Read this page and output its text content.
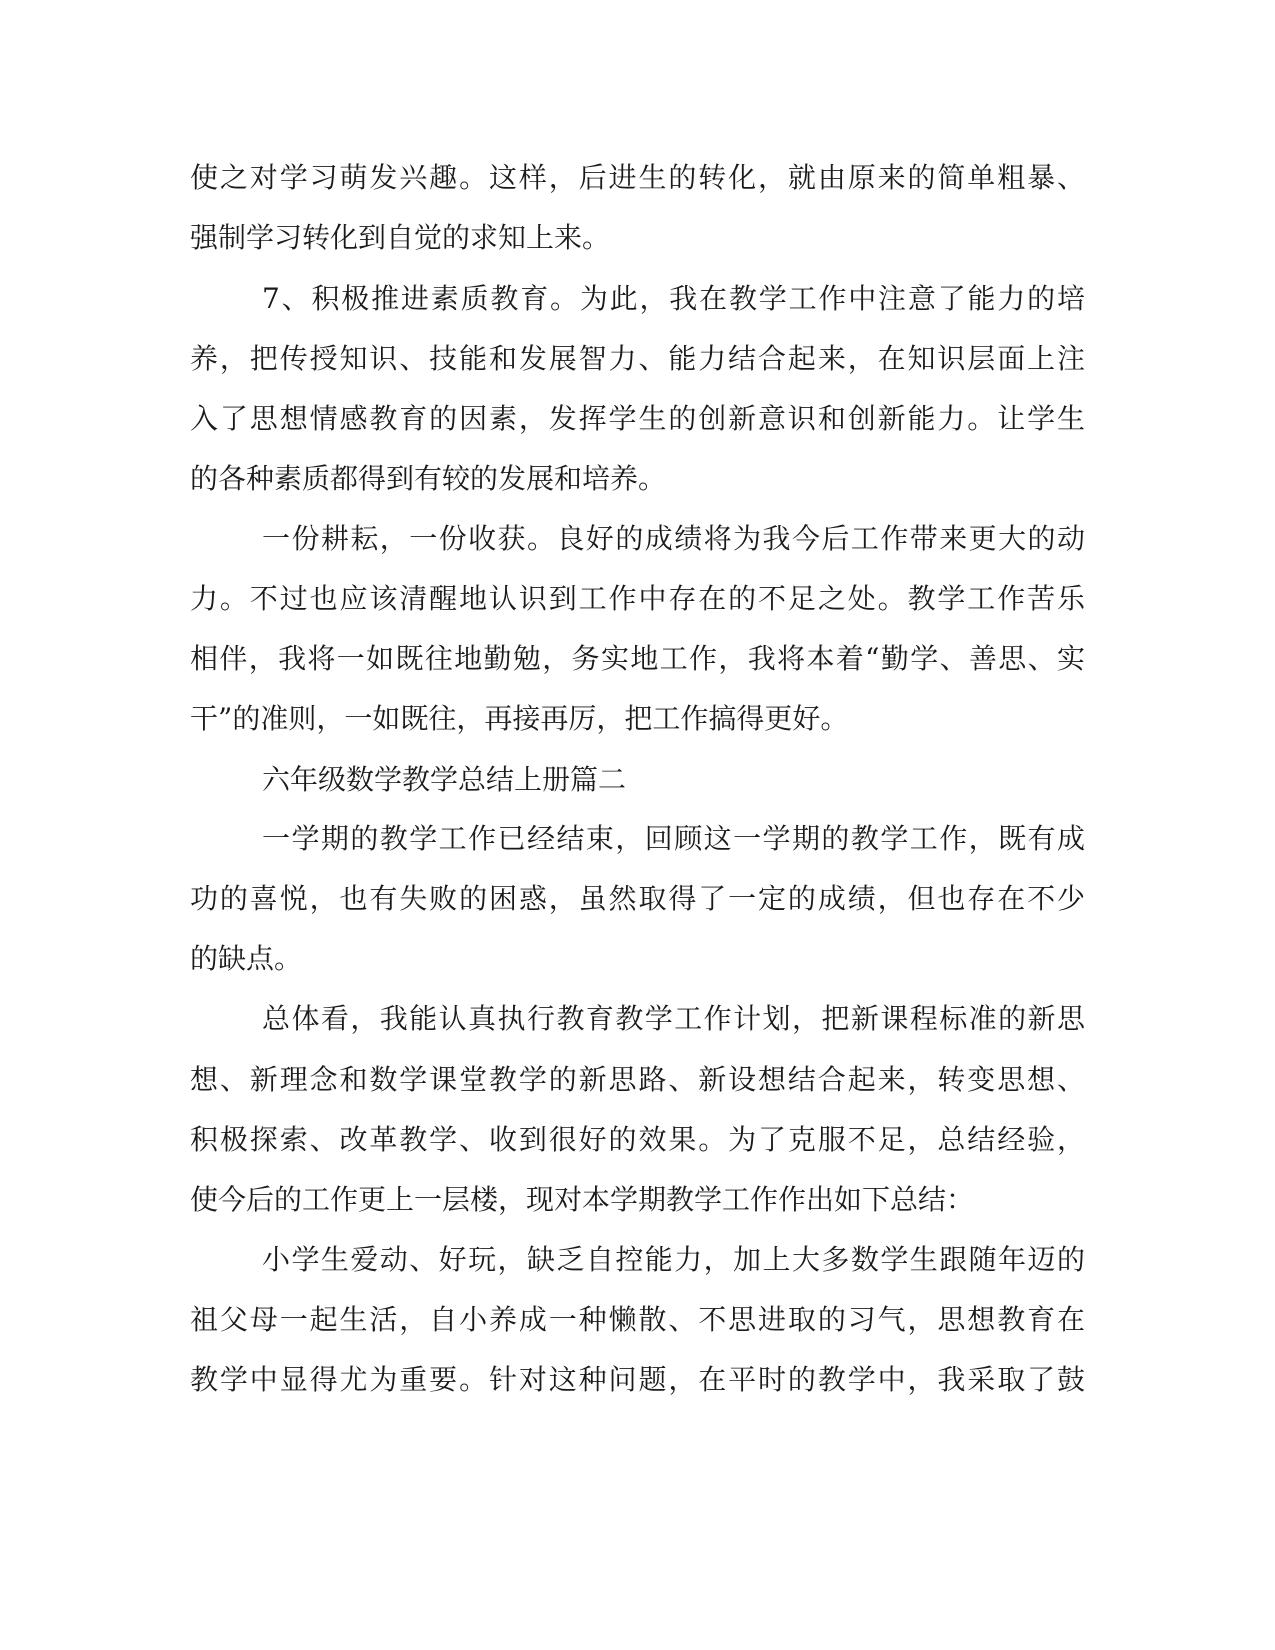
使之对学习萌发兴趣。这样，后进生的转化，就由原来的简单粗暴、
强制学习转化到自觉的求知上来。
7、积极推进素质教育。为此，我在教学工作中注意了能力的培
养，把传授知识、技能和发展智力、能力结合起来，在知识层面上注
入了思想情感教育的因素，发挥学生的创新意识和创新能力。让学生
的各种素质都得到有较的发展和培养。
一份耕耘，一份收获。良好的成绩将为我今后工作带来更大的动
力。不过也应该清醒地认识到工作中存在的不足之处。教学工作苦乐
相伴，我将一如既往地勤勉，务实地工作，我将本着“勤学、善思、实
干”的准则，一如既往，再接再厉，把工作搞得更好。
六年级数学教学总结上册篇二
一学期的教学工作已经结束，回顾这一学期的教学工作，既有成
功的喜悦，也有失败的困惑，虽然取得了一定的成绩，但也存在不少
的缺点。
总体看，我能认真执行教育教学工作计划，把新课程标准的新思
想、新理念和数学课堂教学的新思路、新设想结合起来，转变思想、
积极探索、改革教学、收到很好的效果。为了克服不足，总结经验，
使今后的工作更上一层楼，现对本学期教学工作作出如下总结：
小学生爱动、好玩，缺乏自控能力，加上大多数学生跟随年迈的
祖父母一起生活，自小养成一种懒散、不思进取的习气，思想教育在
教学中显得尤为重要。针对这种问题，在平时的教学中，我采取了鼓
